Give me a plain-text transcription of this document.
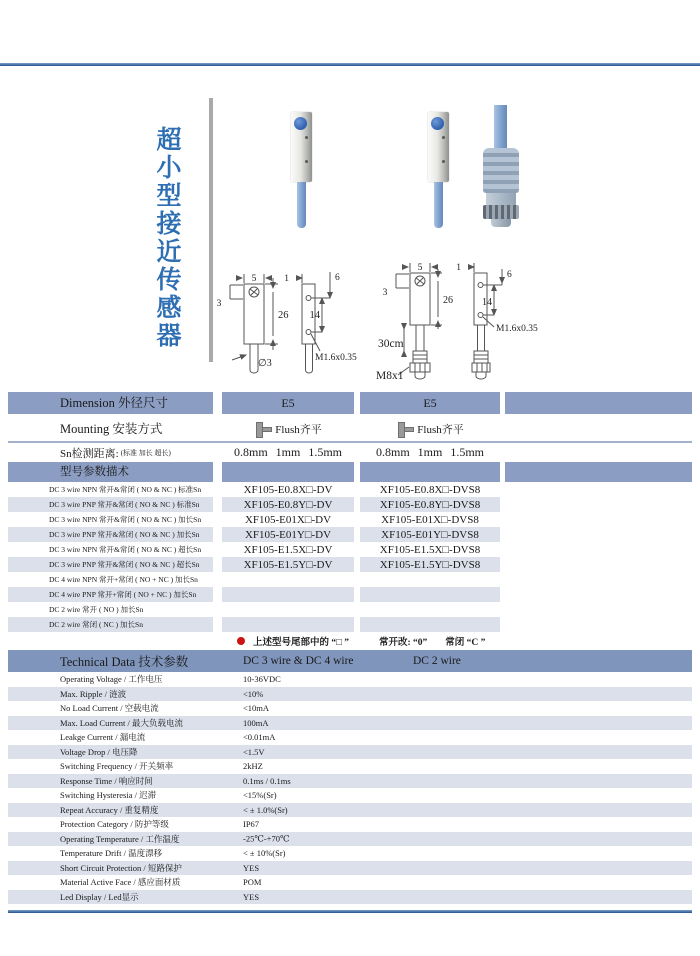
超小型接近传感器	5
3
26
∅3
1	6
14
M1.6x0.35
5
3
26
30cm
M8x1
1
6
14
M1.6x0.35
Dimension 外径尺寸	E5	E5
Mounting 安装方式	Flush齐平	Flush齐平
Sn检测距离: (标准 加长 超长)	0.8mm 1mm 1.5mm	0.8mm 1mm 1.5mm
型号参数描术
DC 3 wire NPN 常开&常闭 ( NO & NC ) 标准Sn	XF105-E0.8X□-DV	XF105-E0.8X□-DVS8
DC 3 wire PNP 常开&常闭 ( NO & NC ) 标准Sn	XF105-E0.8Y□-DV	XF105-E0.8Y□-DVS8
DC 3 wire NPN 常开&常闭 ( NO & NC ) 加长Sn	XF105-E01X□-DV	XF105-E01X□-DVS8
DC 3 wire PNP 常开&常闭 ( NO & NC ) 加长Sn	XF105-E01Y□-DV	XF105-E01Y□-DVS8
DC 3 wire NPN 常开&常闭 ( NO & NC ) 超长Sn	XF105-E1.5X□-DV	XF105-E1.5X□-DVS8
DC 3 wire PNP 常开&常闭 ( NO & NC ) 超长Sn	XF105-E1.5Y□-DV	XF105-E1.5Y□-DVS8
DC 4 wire NPN 常开+常闭 ( NO + NC ) 加长Sn
DC 4 wire PNP 常开+常闭 ( NO + NC ) 加长Sn
DC 2 wire 常开 ( NO ) 加长Sn
DC 2 wire 常闭 ( NC ) 加长Sn
上述型号尾部中的 “□ ”	常开改: “0” 常闭 “C ”
Technical Data 技术参数	DC 3 wire & DC 4 wire	DC 2 wire
Operating Voltage / 工作电压	10-36VDC
Max. Ripple / 涟波	<10%
No Load Current / 空载电流	<10mA
Max. Load Current / 最大负载电流	100mA
Leakge Current / 漏电流	<0.01mA
Voltage Drop / 电压降	<1.5V
Switching Frequency / 开关频率	2kHZ
Response Time / 响应时间	0.1ms / 0.1ms
Switching Hysteresia / 迟滞	<15%(Sr)
Repeat Accuracy / 重复精度	< ± 1.0%(Sr)
Protection Category / 防护等级	IP67
Operating Temperature / 工作温度	-25℃-+70℃
Temperature Drift / 温度漂移	< ± 10%(Sr)
Short Circuit Protection / 短路保护	YES
Material Active Face / 感应面材质	POM
Led Display / Led显示	YES
